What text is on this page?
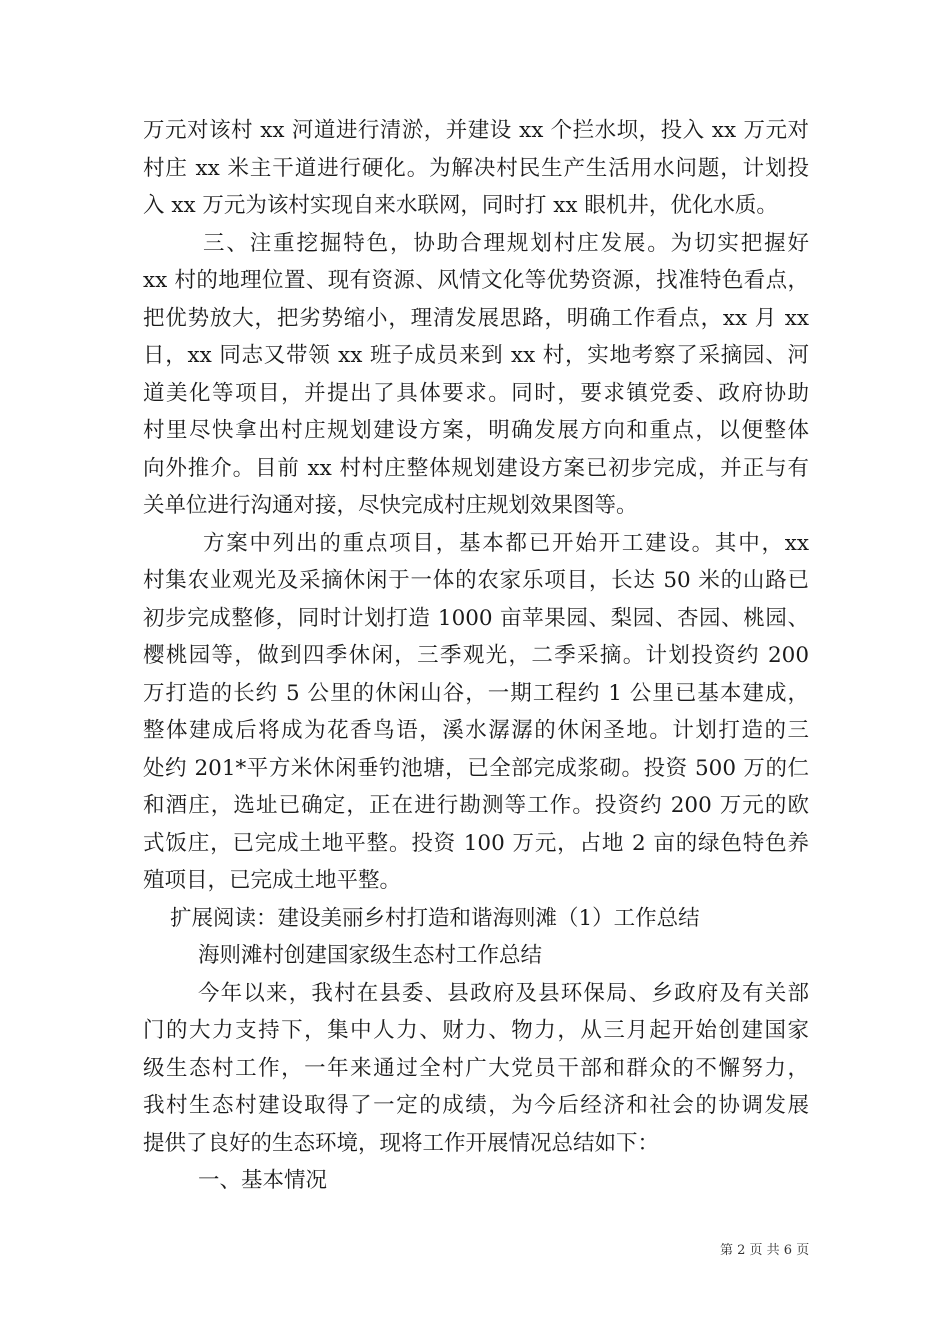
万元对该村 xx 河道进行清淤，并建设 xx 个拦水坝，投入 xx 万元对
村庄 xx 米主干道进行硬化。为解决村民生产生活用水问题，计划投
入 xx 万元为该村实现自来水联网，同时打 xx 眼机井，优化水质。
三、注重挖掘特色，协助合理规划村庄发展。为切实把握好
xx 村的地理位置、现有资源、风情文化等优势资源，找准特色看点，
把优势放大，把劣势缩小，理清发展思路，明确工作看点，xx 月 xx
日，xx 同志又带领 xx 班子成员来到 xx 村，实地考察了采摘园、河
道美化等项目，并提出了具体要求。同时，要求镇党委、政府协助
村里尽快拿出村庄规划建设方案，明确发展方向和重点，以便整体
向外推介。目前 xx 村村庄整体规划建设方案已初步完成，并正与有
关单位进行沟通对接，尽快完成村庄规划效果图等。
方案中列出的重点项目，基本都已开始开工建设。其中，xx
村集农业观光及采摘休闲于一体的农家乐项目，长达 50 米的山路已
初步完成整修，同时计划打造 1000 亩苹果园、梨园、杏园、桃园、
樱桃园等，做到四季休闲，三季观光，二季采摘。计划投资约 200
万打造的长约 5 公里的休闲山谷，一期工程约 1 公里已基本建成，
整体建成后将成为花香鸟语，溪水潺潺的休闲圣地。计划打造的三
处约 201*平方米休闲垂钓池塘，已全部完成浆砌。投资 500 万的仁
和酒庄，选址已确定，正在进行勘测等工作。投资约 200 万元的欧
式饭庄，已完成土地平整。投资 100 万元，占地 2 亩的绿色特色养
殖项目，已完成土地平整。
扩展阅读：建设美丽乡村打造和谐海则滩（1）工作总结
海则滩村创建国家级生态村工作总结
今年以来，我村在县委、县政府及县环保局、乡政府及有关部
门的大力支持下，集中人力、财力、物力，从三月起开始创建国家
级生态村工作，一年来通过全村广大党员干部和群众的不懈努力，
我村生态村建设取得了一定的成绩，为今后经济和社会的协调发展
提供了良好的生态环境，现将工作开展情况总结如下：
一、基本情况
第 2 页 共 6 页
